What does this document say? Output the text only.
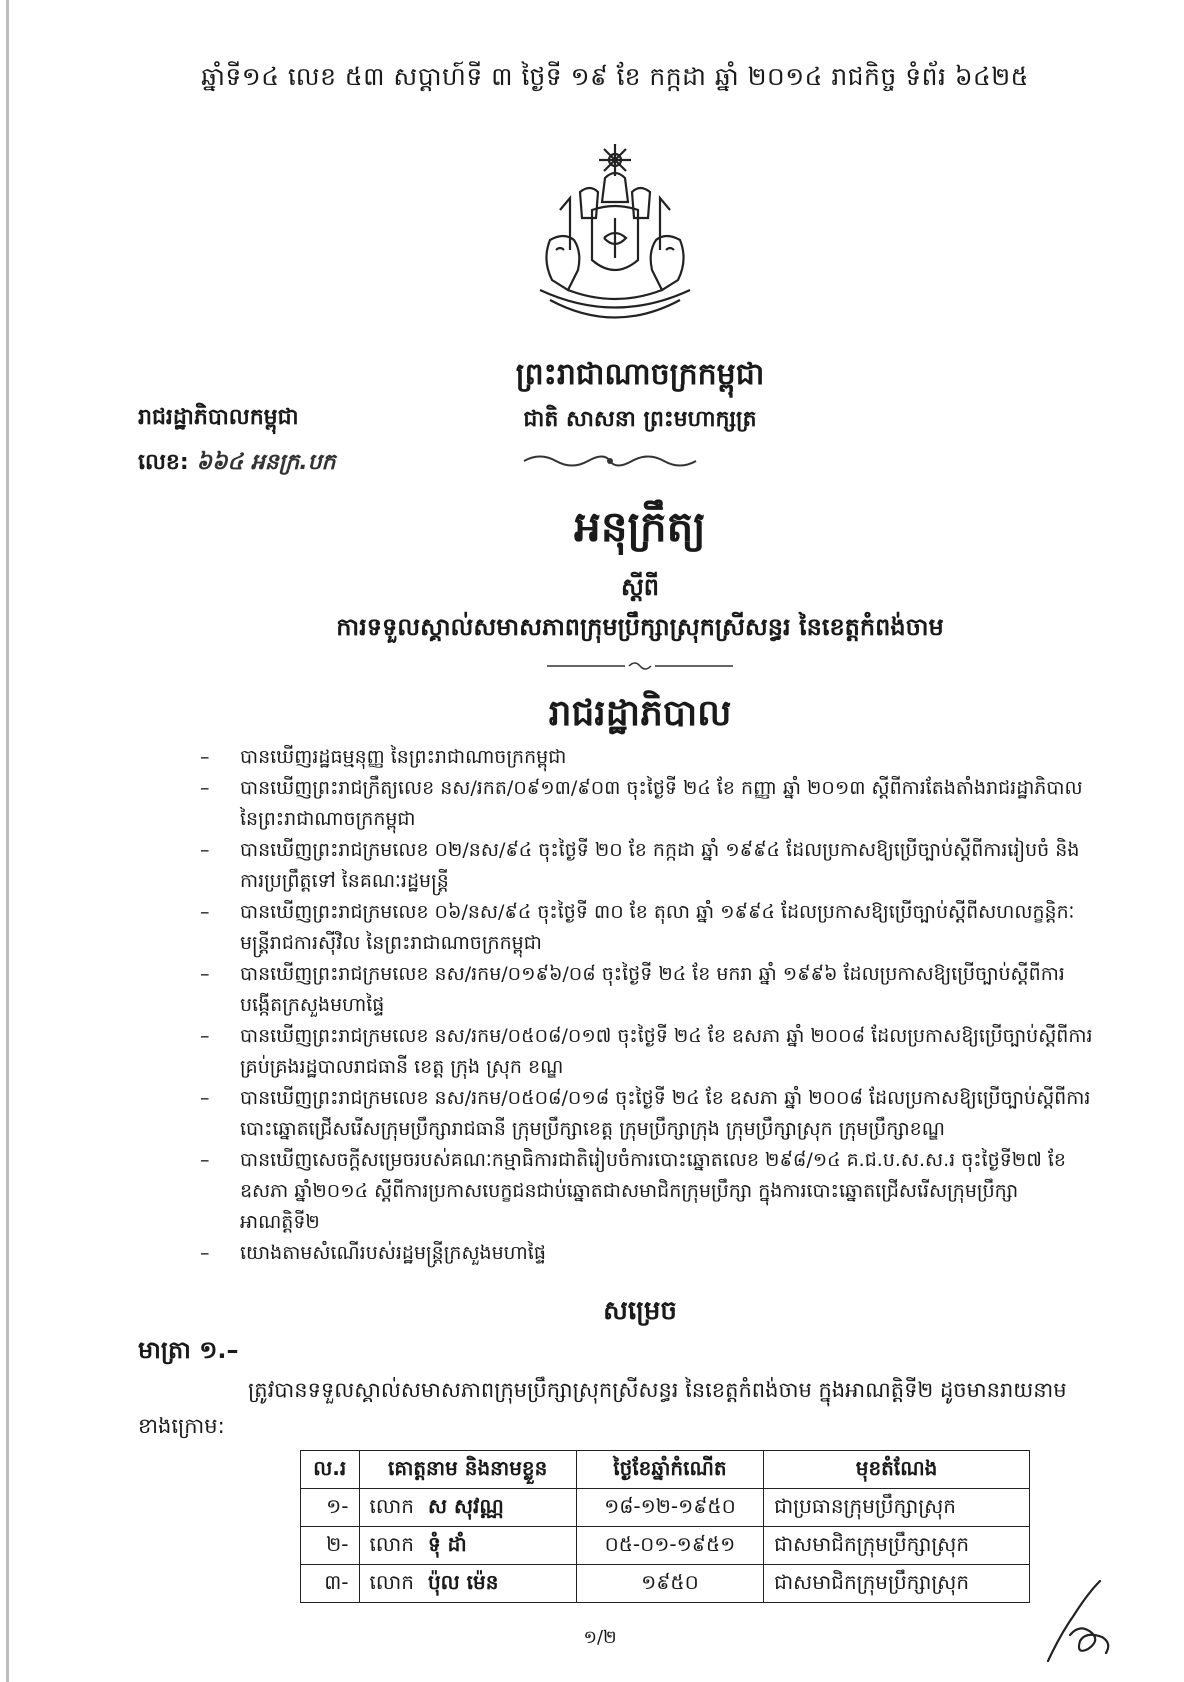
ឆ្នាំទី១៤ លេខ ៥៣ សប្តាហ៍ទី ៣ ថ្ងៃទី ១៩ ខែ កក្កដា ឆ្នាំ ២០១៤ រាជកិច្ច ទំព័រ ៦៤២៥
ព្រះរាជាណាចក្រកម្ពុជា
ជាតិ សាសនា ព្រះមហាក្សត្រ
រាជរដ្ឋាភិបាលកម្ពុជា
លេខ: ៦៦៤ អនក្រ.បក
អនុក្រឹត្យ
ស្តីពី
ការទទួលស្គាល់សមាសភាពក្រុមប្រឹក្សាស្រុកស្រីសន្ធរ នៃខេត្តកំពង់ចាម
រាជរដ្ឋាភិបាល
– បានឃើញរដ្ឋធម្មនុញ្ញ នៃព្រះរាជាណាចក្រកម្ពុជា
– បានឃើញព្រះរាជក្រឹត្យលេខ នស/រកត/០៩១៣/៩០៣ ចុះថ្ងៃទី ២៤ ខែ កញ្ញា ឆ្នាំ ២០១៣ ស្តីពីការតែងតាំងរាជរដ្ឋាភិបាល នៃព្រះរាជាណាចក្រកម្ពុជា
– បានឃើញព្រះរាជក្រមលេខ ០២/នស/៩៤ ចុះថ្ងៃទី ២០ ខែ កក្កដា ឆ្នាំ ១៩៩៤ ដែលប្រកាសឱ្យប្រើច្បាប់ស្តីពីការរៀបចំ និងការប្រព្រឹត្តទៅ នៃគណៈរដ្ឋមន្ត្រី
– បានឃើញព្រះរាជក្រមលេខ ០៦/នស/៩៤ ចុះថ្ងៃទី ៣០ ខែ តុលា ឆ្នាំ ១៩៩៤ ដែលប្រកាសឱ្យប្រើច្បាប់ស្តីពីសហលក្ខន្តិកៈមន្ត្រីរាជការស៊ីវិល នៃព្រះរាជាណាចក្រកម្ពុជា
– បានឃើញព្រះរាជក្រមលេខ នស/រកម/០១៩៦/០៨ ចុះថ្ងៃទី ២៤ ខែ មករា ឆ្នាំ ១៩៩៦ ដែលប្រកាសឱ្យប្រើច្បាប់ស្តីពីការបង្កើតក្រសួងមហាផ្ទៃ
– បានឃើញព្រះរាជក្រមលេខ នស/រកម/០៥០៨/០១៧ ចុះថ្ងៃទី ២៤ ខែ ឧសភា ឆ្នាំ ២០០៨ ដែលប្រកាសឱ្យប្រើច្បាប់ស្តីពីការគ្រប់គ្រងរដ្ឋបាលរាជធានី ខេត្ត ក្រុង ស្រុក ខណ្ឌ
– បានឃើញព្រះរាជក្រមលេខ នស/រកម/០៥០៨/០១៨ ចុះថ្ងៃទី ២៤ ខែ ឧសភា ឆ្នាំ ២០០៨ ដែលប្រកាសឱ្យប្រើច្បាប់ស្តីពីការបោះឆ្នោតជ្រើសរើសក្រុមប្រឹក្សារាជធានី ក្រុមប្រឹក្សាខេត្ត ក្រុមប្រឹក្សាក្រុង ក្រុមប្រឹក្សាស្រុក ក្រុមប្រឹក្សាខណ្ឌ
– បានឃើញសេចក្តីសម្រេចរបស់គណៈកម្មាធិការជាតិរៀបចំការបោះឆ្នោតលេខ ២៩៨/១៤ គ.ជ.ប.ស.ស.រ ចុះថ្ងៃទី២៧ ខែឧសភា ឆ្នាំ២០១៤ ស្តីពីការប្រកាសបេក្ខជនជាប់ឆ្នោតជាសមាជិកក្រុមប្រឹក្សា ក្នុងការបោះឆ្នោតជ្រើសរើសក្រុមប្រឹក្សា អាណត្តិទី២
– យោងតាមសំណើរបស់រដ្ឋមន្ត្រីក្រសួងមហាផ្ទៃ
សម្រេច
មាត្រា ១.–
ត្រូវបានទទួលស្គាល់សមាសភាពក្រុមប្រឹក្សាស្រុកស្រីសន្ធរ នៃខេត្តកំពង់ចាម ក្នុងអាណត្តិទី២ ដូចមានរាយនាមខាងក្រោម:
ល.រ	គោត្តនាម និងនាមខ្លួន	ថ្ងៃខែឆ្នាំកំណើត	មុខតំណែង
១-	លោក ស សុវណ្ណ	១៨-១២-១៩៥០	ជាប្រធានក្រុមប្រឹក្សាស្រុក
២-	លោក ទុំ ដាំ	០៥-០១-១៩៥១	ជាសមាជិកក្រុមប្រឹក្សាស្រុក
៣-	លោក ប៉ុល ម៉េន	១៩៥០	ជាសមាជិកក្រុមប្រឹក្សាស្រុក
១/២
